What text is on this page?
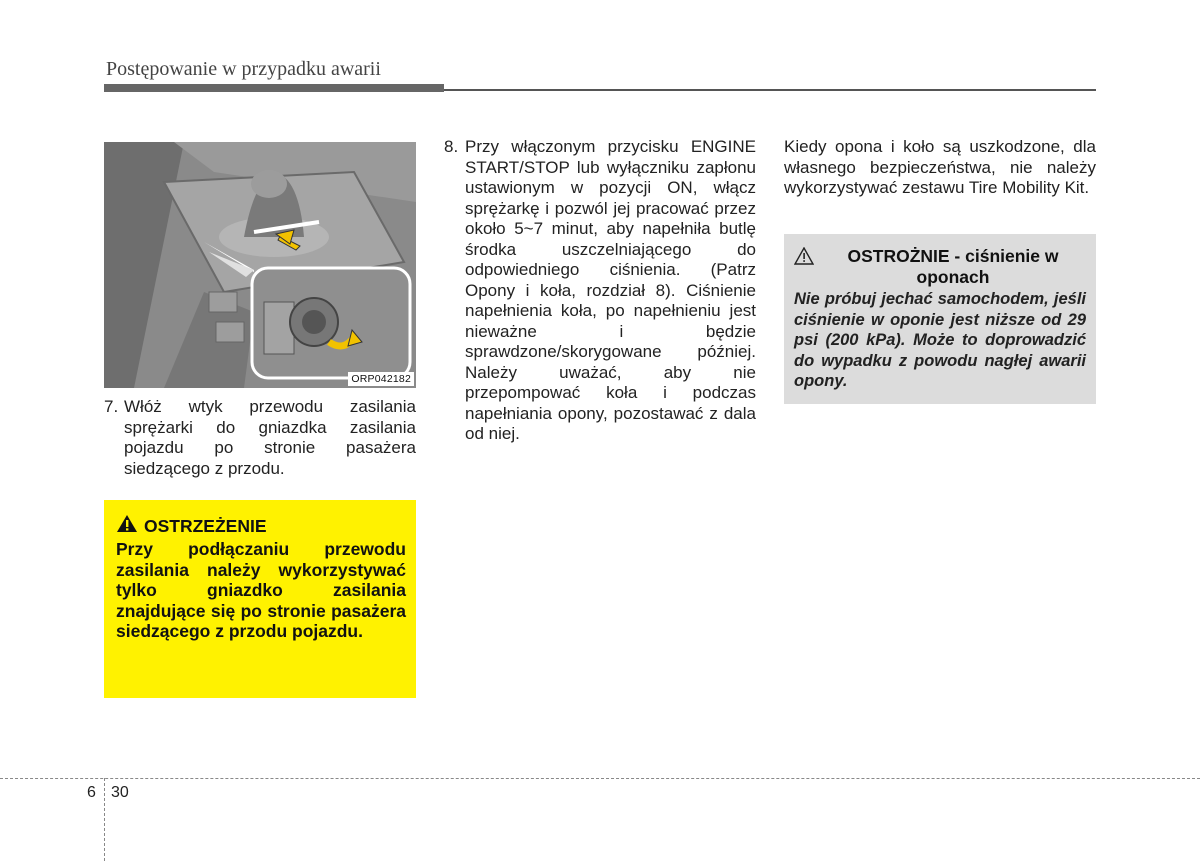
Postępowanie w przypadku awarii
ORP042182
7. Włóż wtyk przewodu zasilania sprężarki do gniazdka zasilania pojazdu po stronie pasażera siedzącego z przodu.
OSTRZEŻENIE
Przy podłączaniu przewodu zasilania należy wykorzystywać tylko gniazdko zasilania znajdujące się po stronie pasażera siedzącego z przodu pojazdu.
8. Przy włączonym przycisku ENGINE START/STOP lub wyłączniku zapłonu ustawionym w pozycji ON, włącz sprężarkę i pozwól jej pracować przez około 5~7 minut, aby napełniła butlę środka uszczelniającego do odpowiedniego ciśnienia. (Patrz Opony i koła, rozdział 8). Ciśnienie napełnienia koła, po napełnieniu jest nieważne i będzie sprawdzone/skorygowane później. Należy uważać, aby nie przepompować koła i podczas napełniania opony, pozostawać z dala od niej.
Kiedy opona i koło są uszkodzone, dla własnego bezpieczeństwa, nie należy wykorzystywać zestawu Tire Mobility Kit.
OSTROŻNIE - ciśnienie w oponach
Nie próbuj jechać samochodem, jeśli ciśnienie w oponie jest niższe od 29 psi (200 kPa). Może to doprowadzić do wypadku z powodu nagłej awarii opony.
6 30
